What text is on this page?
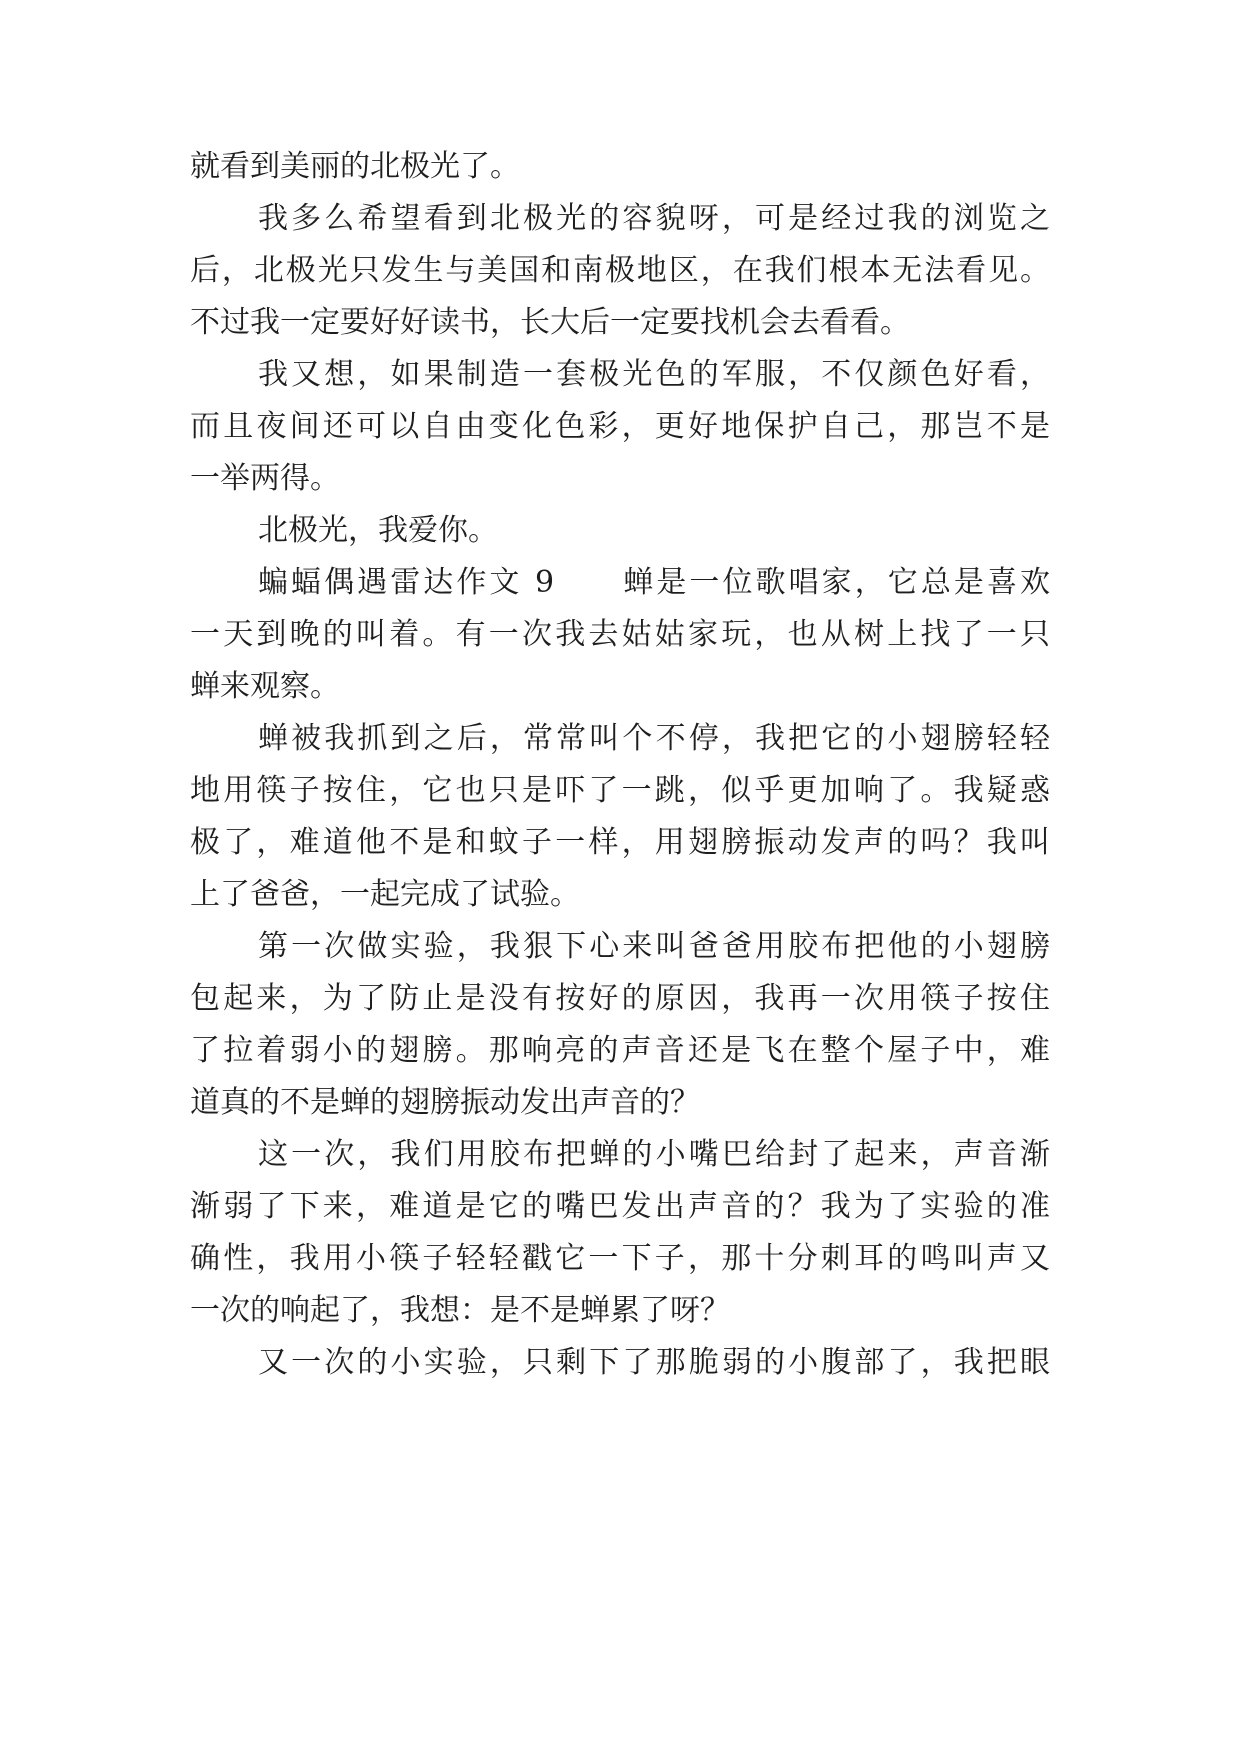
就看到美丽的北极光了。
我多么希望看到北极光的容貌呀，可是经过我的浏览之
后，北极光只发生与美国和南极地区，在我们根本无法看见。
不过我一定要好好读书，长大后一定要找机会去看看。
我又想，如果制造一套极光色的军服，不仅颜色好看，
而且夜间还可以自由变化色彩，更好地保护自己，那岂不是
一举两得。
北极光，我爱你。
蝙蝠偶遇雷达作文 9　　蝉是一位歌唱家，它总是喜欢
一天到晚的叫着。有一次我去姑姑家玩，也从树上找了一只
蝉来观察。
蝉被我抓到之后，常常叫个不停，我把它的小翅膀轻轻
地用筷子按住，它也只是吓了一跳，似乎更加响了。我疑惑
极了，难道他不是和蚊子一样，用翅膀振动发声的吗？我叫
上了爸爸，一起完成了试验。
第一次做实验，我狠下心来叫爸爸用胶布把他的小翅膀
包起来，为了防止是没有按好的原因，我再一次用筷子按住
了拉着弱小的翅膀。那响亮的声音还是飞在整个屋子中，难
道真的不是蝉的翅膀振动发出声音的？
这一次，我们用胶布把蝉的小嘴巴给封了起来，声音渐
渐弱了下来，难道是它的嘴巴发出声音的？我为了实验的准
确性，我用小筷子轻轻戳它一下子，那十分刺耳的鸣叫声又
一次的响起了，我想：是不是蝉累了呀？
又一次的小实验，只剩下了那脆弱的小腹部了，我把眼
